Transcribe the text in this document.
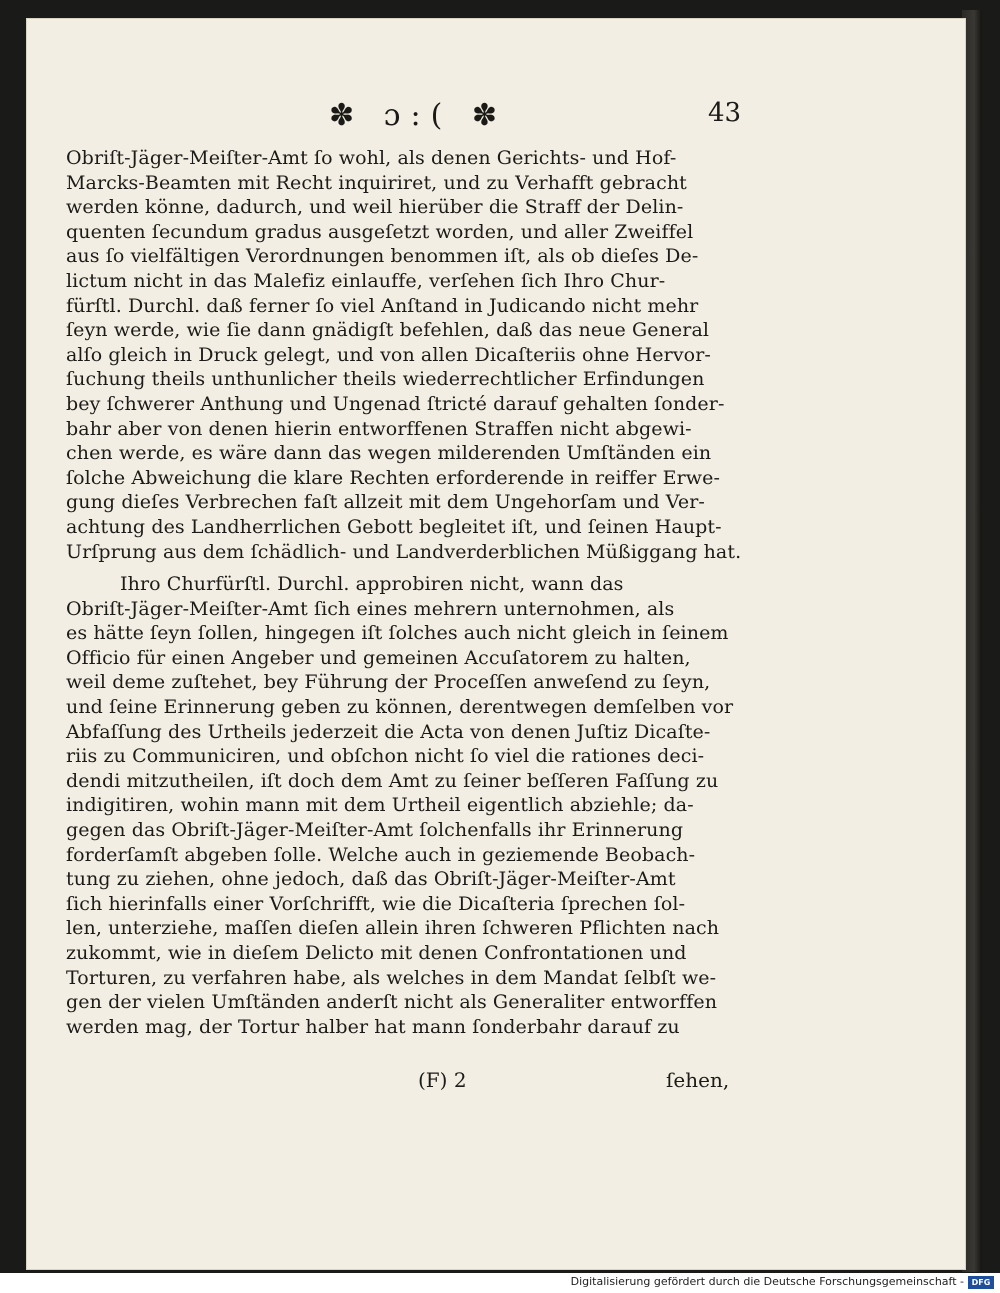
✽ ɔ:( ✽	43
Obriſt-Jäger-Meiſter-Amt ſo wohl, als denen Gerichts- und Hof-
Marcks-Beamten mit Recht inquiriret, und zu Verhafft gebracht
werden könne, dadurch, und weil hierüber die Straff der Delin-
quenten ſecundum gradus ausgeſetzt worden, und aller Zweiffel
aus ſo vielfältigen Verordnungen benommen iſt, als ob dieſes De-
lictum nicht in das Malefiz einlauffe, verſehen ſich Ihro Chur-
fürſtl. Durchl. daß ferner ſo viel Anſtand in Judicando nicht mehr
ſeyn werde, wie ſie dann gnädigſt befehlen, daß das neue General
alſo gleich in Druck gelegt, und von allen Dicaſteriis ohne Hervor-
ſuchung theils unthunlicher theils wiederrechtlicher Erfindungen
bey ſchwerer Anthung und Ungenad ſtricté darauf gehalten ſonder-
bahr aber von denen hierin entworffenen Straffen nicht abgewi-
chen werde, es wäre dann das wegen milderenden Umſtänden ein
ſolche Abweichung die klare Rechten erforderende in reiffer Erwe-
gung dieſes Verbrechen faſt allzeit mit dem Ungehorſam und Ver-
achtung des Landherrlichen Gebott begleitet iſt, und ſeinen Haupt-
Urſprung aus dem ſchädlich- und Landverderblichen Müßiggang hat.
Ihro Churfürſtl. Durchl. approbiren nicht, wann das
Obriſt-Jäger-Meiſter-Amt ſich eines mehrern unternohmen, als
es hätte ſeyn ſollen, hingegen iſt ſolches auch nicht gleich in ſeinem
Officio für einen Angeber und gemeinen Accuſatorem zu halten,
weil deme zuſtehet, bey Führung der Proceſſen anweſend zu ſeyn,
und ſeine Erinnerung geben zu können, derentwegen demſelben vor
Abfaſſung des Urtheils jederzeit die Acta von denen Juſtiz Dicaſte-
riis zu Communiciren, und obſchon nicht ſo viel die rationes deci-
dendi mitzutheilen, iſt doch dem Amt zu ſeiner beſſeren Faſſung zu
indigitiren, wohin mann mit dem Urtheil eigentlich abziehle; da-
gegen das Obriſt-Jäger-Meiſter-Amt ſolchenfalls ihr Erinnerung
forderſamſt abgeben ſolle. Welche auch in geziemende Beobach-
tung zu ziehen, ohne jedoch, daß das Obriſt-Jäger-Meiſter-Amt
ſich hierinfalls einer Vorſchrifft, wie die Dicaſteria ſprechen ſol-
len, unterziehe, maſſen dieſen allein ihren ſchweren Pflichten nach
zukommt, wie in dieſem Delicto mit denen Confrontationen und
Torturen, zu verfahren habe, als welches in dem Mandat ſelbſt we-
gen der vielen Umſtänden anderſt nicht als Generaliter entworffen
werden mag, der Tortur halber hat mann ſonderbahr darauf zu
(F) 2	ſehen,
Digitalisierung gefördert durch die Deutsche Forschungsgemeinschaft - DFG
